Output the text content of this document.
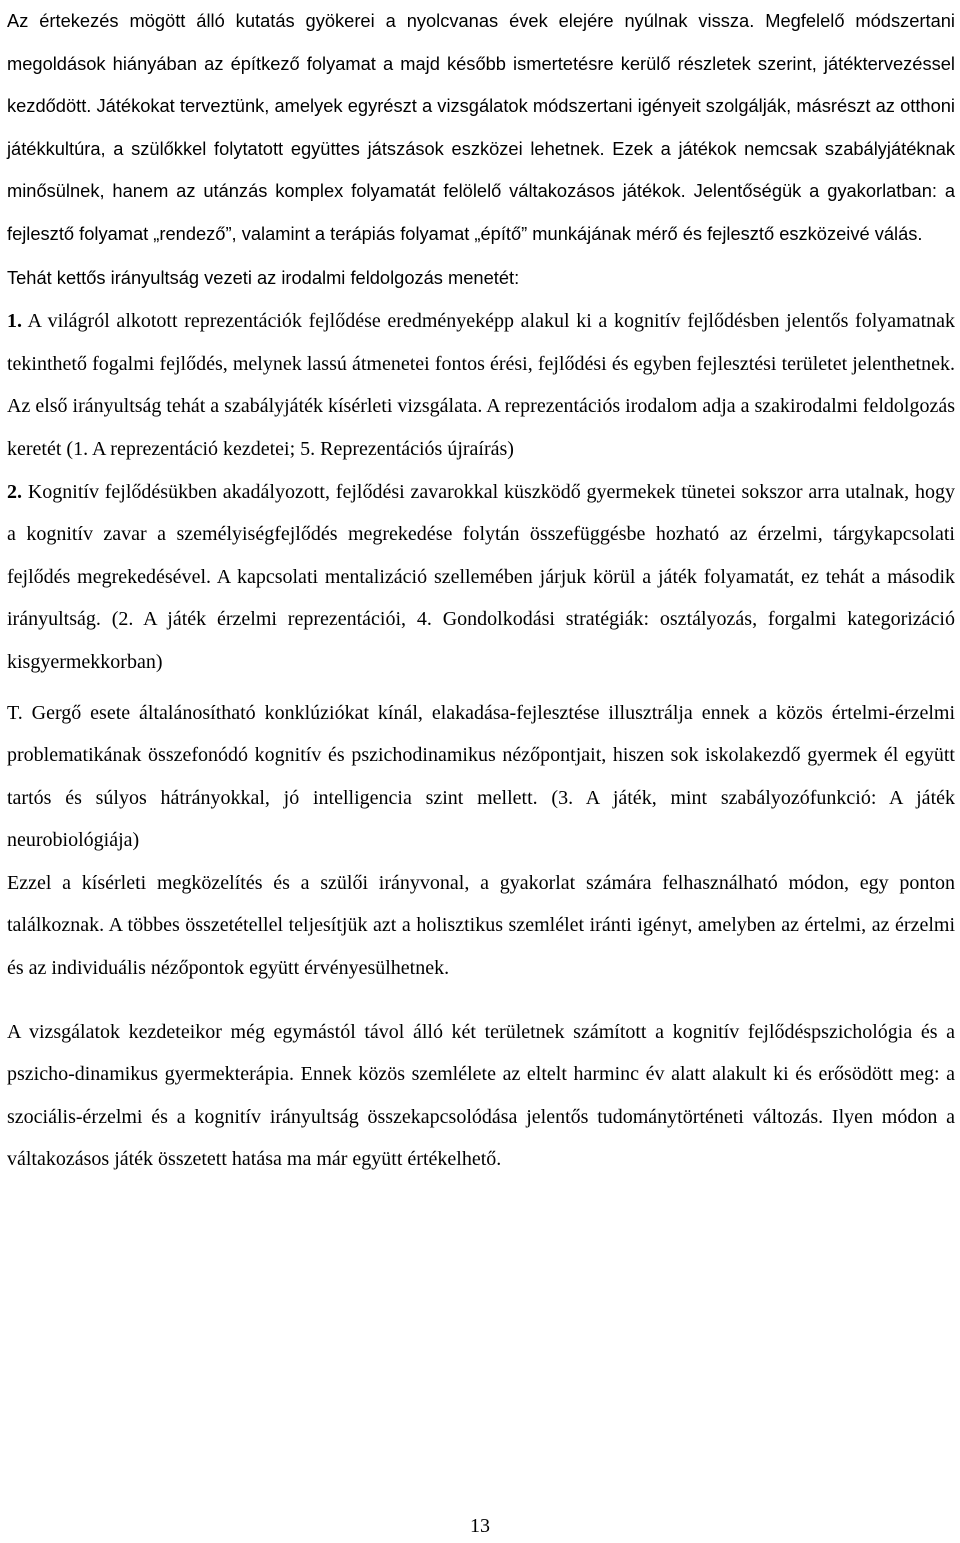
Az értekezés mögött álló kutatás gyökerei a nyolcvanas évek elejére nyúlnak vissza. Megfelelő módszertani megoldások hiányában az építkező folyamat a majd később ismertetésre kerülő részletek szerint, játéktervezéssel kezdődött. Játékokat terveztünk, amelyek egyrészt a vizsgálatok módszertani igényeit szolgálják, másrészt az otthoni játékkultúra, a szülőkkel folytatott együttes játszások eszközei lehetnek. Ezek a játékok nemcsak szabályjátéknak minősülnek, hanem az utánzás komplex folyamatát felölelő váltakozásos játékok. Jelentőségük a gyakorlatban: a fejlesztő folyamat „rendező”, valamint a terápiás folyamat „építő” munkájának mérő és fejlesztő eszközeivé válás.

Tehát kettős irányultság vezeti az irodalmi feldolgozás menetét:

1. A világról alkotott reprezentációk fejlődése eredményeképp alakul ki a kognitív fejlődésben jelentős folyamatnak tekinthető fogalmi fejlődés, melynek lassú átmenetei fontos érési, fejlődési és egyben fejlesztési területet jelenthetnek. Az első irányultság tehát a szabályjáték kísérleti vizsgálata. A reprezentációs irodalom adja a szakirodalmi feldolgozás keretét (1. A reprezentáció kezdetei; 5. Reprezentációs újraírás)

2. Kognitív fejlődésükben akadályozott, fejlődési zavarokkal küszködő gyermekek tünetei sokszor arra utalnak, hogy a kognitív zavar a személyiségfejlődés megrekedése folytán összefüggésbe hozható az érzelmi, tárgykapcsolati fejlődés megrekedésével. A kapcsolati mentalizáció szellemében járjuk körül a játék folyamatát, ez tehát a második irányultság. (2. A játék érzelmi reprezentációi, 4. Gondolkodási stratégiák: osztályozás, forgalmi kategorizáció kisgyermekkorban)

T. Gergő esete általánosítható konklúziókat kínál, elakadása-fejlesztése illusztrálja ennek a közös értelmi-érzelmi problematikának összefonódó kognitív és pszichodinamikus nézőpontjait, hiszen sok iskolakezdő gyermek él együtt tartós és súlyos hátrányokkal, jó intelligencia szint mellett. (3. A játék, mint szabályozófunkció: A játék neurobiológiája)

Ezzel a kísérleti megközelítés és a szülői irányvonal, a gyakorlat számára felhasználható módon, egy ponton találkoznak. A többes összetétellel teljesítjük azt a holisztikus szemlélet iránti igényt, amelyben az értelmi, az érzelmi és az individuális nézőpontok együtt érvényesülhetnek.

A vizsgálatok kezdeteikor még egymástól távol álló két területnek számított a kognitív fejlődéspszichológia és a pszicho-dinamikus gyermekterápia. Ennek közös szemlélete az eltelt harminc év alatt alakult ki és erősödött meg: a szociális-érzelmi és a kognitív irányultság összekapcsolódása jelentős tudománytörténeti változás. Ilyen módon a váltakozásos játék összetett hatása ma már együtt értékelhető.

13
